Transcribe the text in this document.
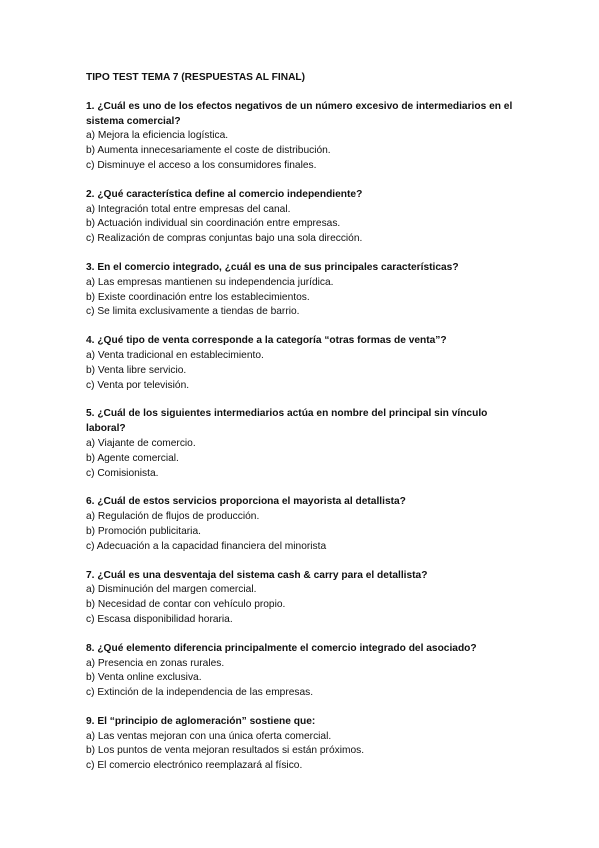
TIPO TEST TEMA 7 (RESPUESTAS AL FINAL)
1. ¿Cuál es uno de los efectos negativos de un número excesivo de intermediarios en el sistema comercial?
a) Mejora la eficiencia logística.
b) Aumenta innecesariamente el coste de distribución.
c) Disminuye el acceso a los consumidores finales.
2. ¿Qué característica define al comercio independiente?
a) Integración total entre empresas del canal.
b) Actuación individual sin coordinación entre empresas.
c) Realización de compras conjuntas bajo una sola dirección.
3. En el comercio integrado, ¿cuál es una de sus principales características?
a) Las empresas mantienen su independencia jurídica.
b) Existe coordinación entre los establecimientos.
c) Se limita exclusivamente a tiendas de barrio.
4. ¿Qué tipo de venta corresponde a la categoría “otras formas de venta”?
a) Venta tradicional en establecimiento.
b) Venta libre servicio.
c) Venta por televisión.
5. ¿Cuál de los siguientes intermediarios actúa en nombre del principal sin vínculo laboral?
a) Viajante de comercio.
b) Agente comercial.
c) Comisionista.
6. ¿Cuál de estos servicios proporciona el mayorista al detallista?
a) Regulación de flujos de producción.
b) Promoción publicitaria.
c) Adecuación a la capacidad financiera del minorista
7. ¿Cuál es una desventaja del sistema cash & carry para el detallista?
a) Disminución del margen comercial.
b) Necesidad de contar con vehículo propio.
c) Escasa disponibilidad horaria.
8. ¿Qué elemento diferencia principalmente el comercio integrado del asociado?
a) Presencia en zonas rurales.
b) Venta online exclusiva.
c) Extinción de la independencia de las empresas.
9. El “principio de aglomeración” sostiene que:
a) Las ventas mejoran con una única oferta comercial.
b) Los puntos de venta mejoran resultados si están próximos.
c) El comercio electrónico reemplazará al físico.
